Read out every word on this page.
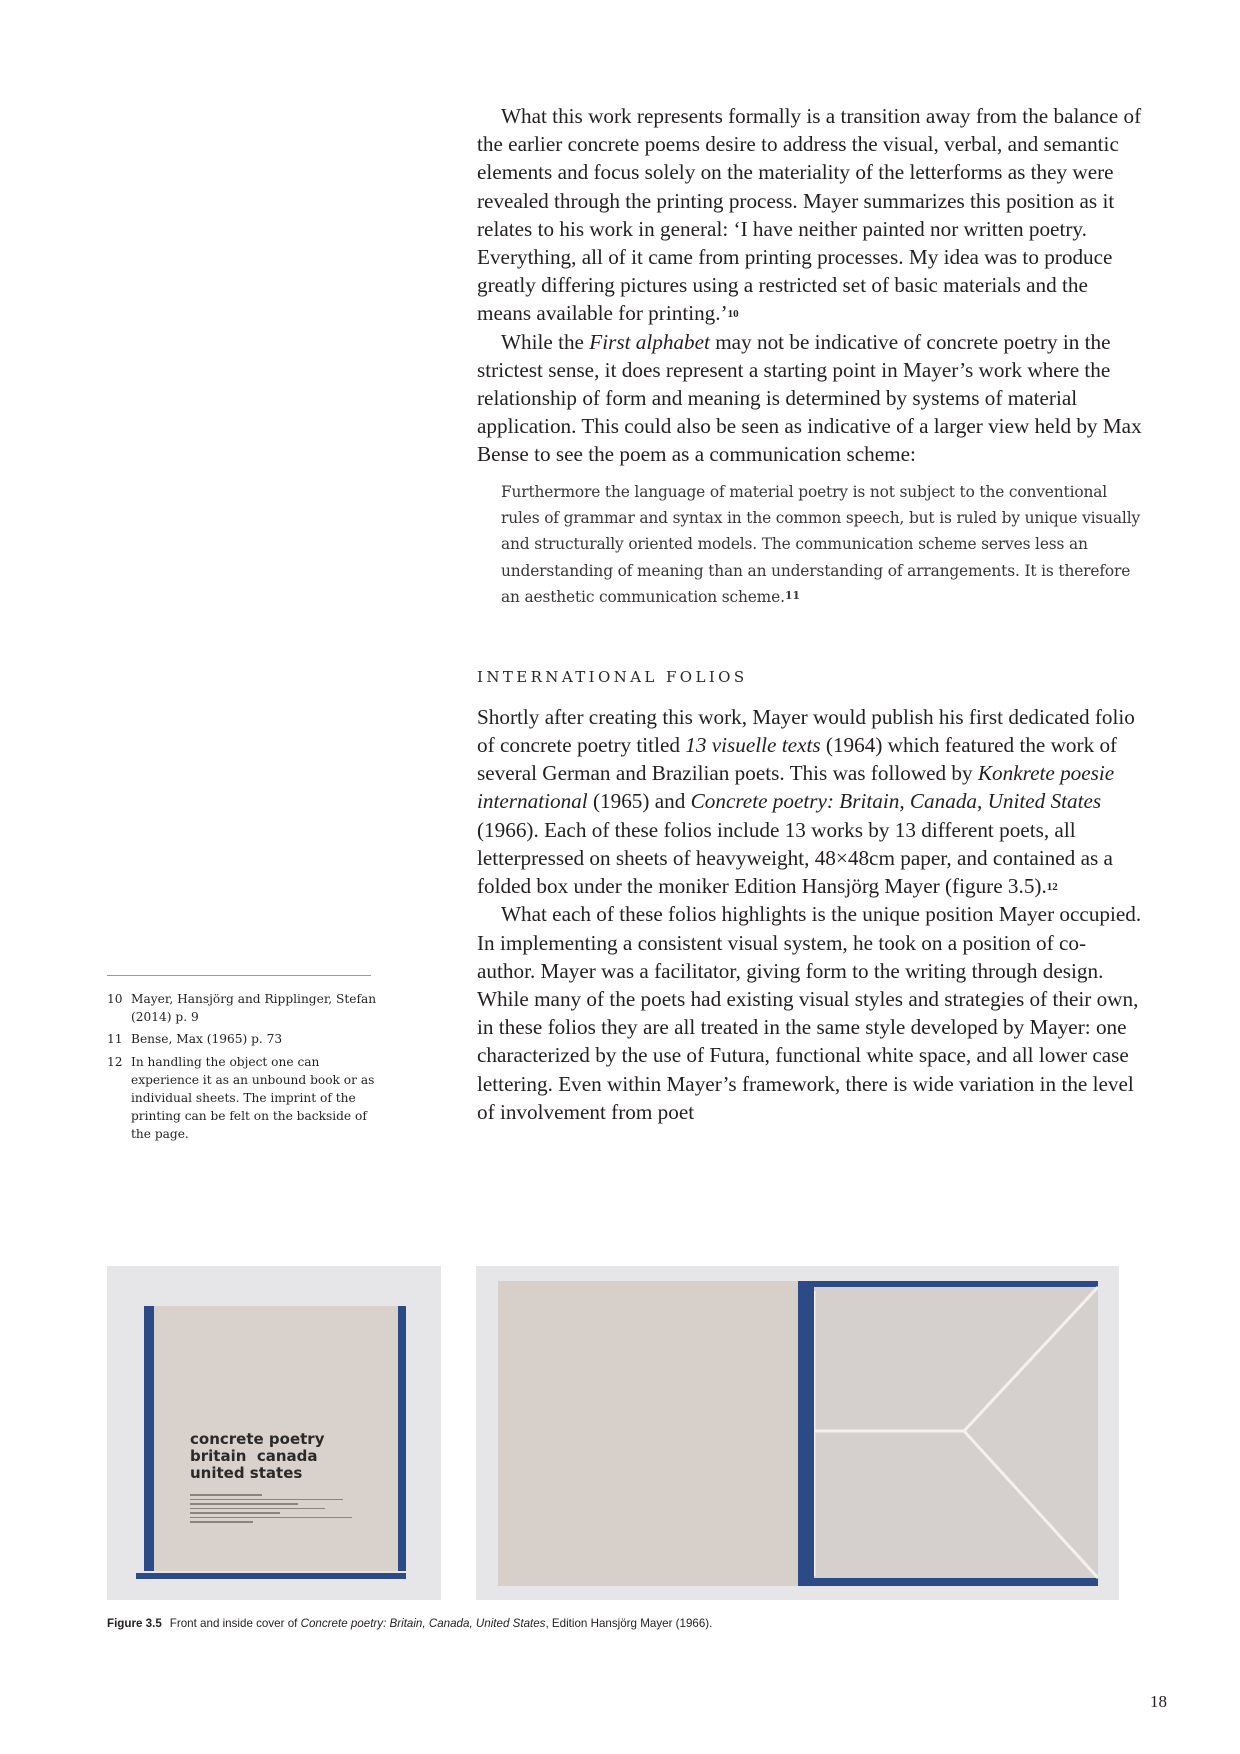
What this work represents formally is a transition away from the balance of the earlier concrete poems desire to address the visual, verbal, and semantic elements and focus solely on the materiality of the letterforms as they were revealed through the printing process. Mayer summarizes this position as it relates to his work in general: ‘I have neither painted nor written poetry. Everything, all of it came from printing processes. My idea was to produce greatly differing pictures using a restricted set of basic materials and the means available for printing.’$^{10}$

While the First alphabet may not be indicative of concrete poetry in the strictest sense, it does represent a starting point in Mayer’s work where the relationship of form and meaning is determined by systems of material application. This could also be seen as indicative of a larger view held by Max Bense to see the poem as a communication scheme:

Furthermore the language of material poetry is not subject to the conventional rules of grammar and syntax in the common speech, but is ruled by unique visually and structurally oriented models. The communication scheme serves less an understanding of meaning than an understanding of arrangements. It is therefore an aesthetic communication scheme.$^{11}$

INTERNATIONAL FOLIOS

Shortly after creating this work, Mayer would publish his first dedicated folio of concrete poetry titled 13 visuelle texts (1964) which featured the work of several German and Brazilian poets. This was followed by Konkrete poesie international (1965) and Concrete poetry: Britain, Canada, United States (1966). Each of these folios include 13 works by 13 different poets, all letterpressed on sheets of heavyweight, 48×48cm paper, and contained as a folded box under the moniker Edition Hansjörg Mayer (figure 3.5).$^{12}$

What each of these folios highlights is the unique position Mayer occupied. In implementing a consistent visual system, he took on a position of co-author. Mayer was a facilitator, giving form to the writing through design. While many of the poets had existing visual styles and strategies of their own, in these folios they are all treated in the same style developed by Mayer: one characterized by the use of Futura, functional white space, and all lower case lettering. Even within Mayer’s framework, there is wide variation in the level of involvement from poet

10 Mayer, Hansjörg and Ripplinger, Stefan (2014) p. 9
11 Bense, Max (1965) p. 73
12 In handling the object one can experience it as an unbound book or as individual sheets. The imprint of the printing can be felt on the backside of the page.
concrete poetry
britain  canada
united states
Figure 3.5 Front and inside cover of Concrete poetry: Britain, Canada, United States, Edition Hansjörg Mayer (1966).
18
